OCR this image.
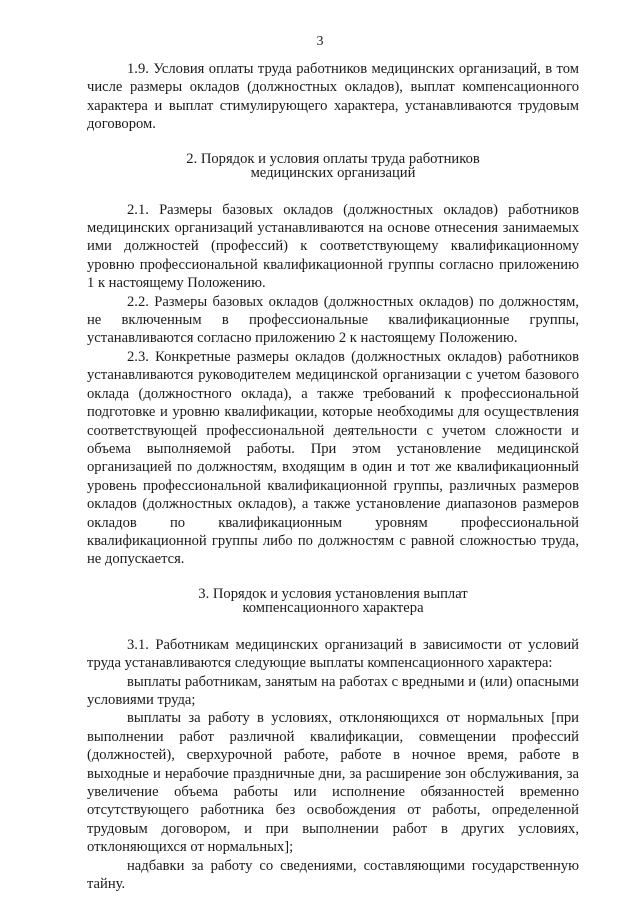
3

1.9. Условия оплаты труда работников медицинских организаций, в том числе размеры окладов (должностных окладов), выплат компенсационного характера и выплат стимулирующего характера, устанавливаются трудовым договором.

2. Порядок и условия оплаты труда работников
медицинских организаций

2.1. Размеры базовых окладов (должностных окладов) работников медицинских организаций устанавливаются на основе отнесения занимаемых ими должностей (профессий) к соответствующему квалификационному уровню профессиональной квалификационной группы согласно приложению 1 к настоящему Положению.

2.2. Размеры базовых окладов (должностных окладов) по должностям, не включенным в профессиональные квалификационные группы, устанавливаются согласно приложению 2 к настоящему Положению.

2.3. Конкретные размеры окладов (должностных окладов) работников устанавливаются руководителем медицинской организации с учетом базового оклада (должностного оклада), а также требований к профессиональной подготовке и уровню квалификации, которые необходимы для осуществления соответствующей профессиональной деятельности с учетом сложности и объема выполняемой работы. При этом установление медицинской организацией по должностям, входящим в один и тот же квалификационный уровень профессиональной квалификационной группы, различных размеров окладов (должностных окладов), а также установление диапазонов размеров окладов по квалификационным уровням профессиональной квалификационной группы либо по должностям с равной сложностью труда, не допускается.

3. Порядок и условия установления выплат
компенсационного характера

3.1. Работникам медицинских организаций в зависимости от условий труда устанавливаются следующие выплаты компенсационного характера:

выплаты работникам, занятым на работах с вредными и (или) опасными условиями труда;

выплаты за работу в условиях, отклоняющихся от нормальных [при выполнении работ различной квалификации, совмещении профессий (должностей), сверхурочной работе, работе в ночное время, работе в выходные и нерабочие праздничные дни, за расширение зон обслуживания, за увеличение объема работы или исполнение обязанностей временно отсутствующего работника без освобождения от работы, определенной трудовым договором, и при выполнении работ в других условиях, отклоняющихся от нормальных];

надбавки за работу со сведениями, составляющими государственную тайну.
